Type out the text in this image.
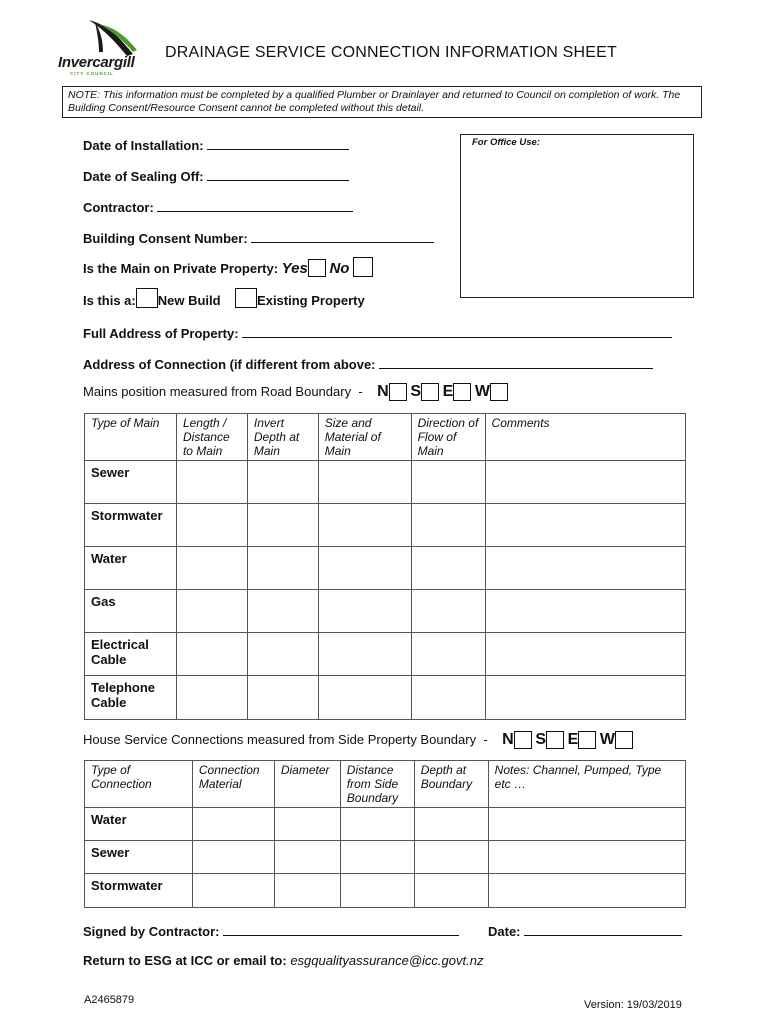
Invercargill
CITY COUNCIL
DRAINAGE SERVICE CONNECTION INFORMATION SHEET
NOTE: This information must be completed by a qualified Plumber or Drainlayer and returned to Council on completion of work. The Building Consent/Resource Consent cannot be completed without this detail.
For Office Use:
Date of Installation:
Date of Sealing Off:
Contractor:
Building Consent Number:
Is the Main on Private Property: Yes No
Is this a: New Build	Existing Property
Full Address of Property:
Address of Connection (if different from above:
Mains position measured from Road Boundary - N S E W
Type of Main	Length / Distance to Main	Invert Depth at Main	Size and Material of Main	Direction of Flow of Main	Comments
Sewer					
Stormwater					
Water					
Gas					
Electrical Cable					
Telephone Cable					
House Service Connections measured from Side Property Boundary - N S E W
Type of Connection	Connection Material	Diameter	Distance from Side Boundary	Depth at Boundary	Notes: Channel, Pumped, Type etc …
Water					
Sewer					
Stormwater					
Signed by Contractor:	Date:
Return to ESG at ICC or email to: esgqualityassurance@icc.govt.nz
A2465879	Version: 19/03/2019
